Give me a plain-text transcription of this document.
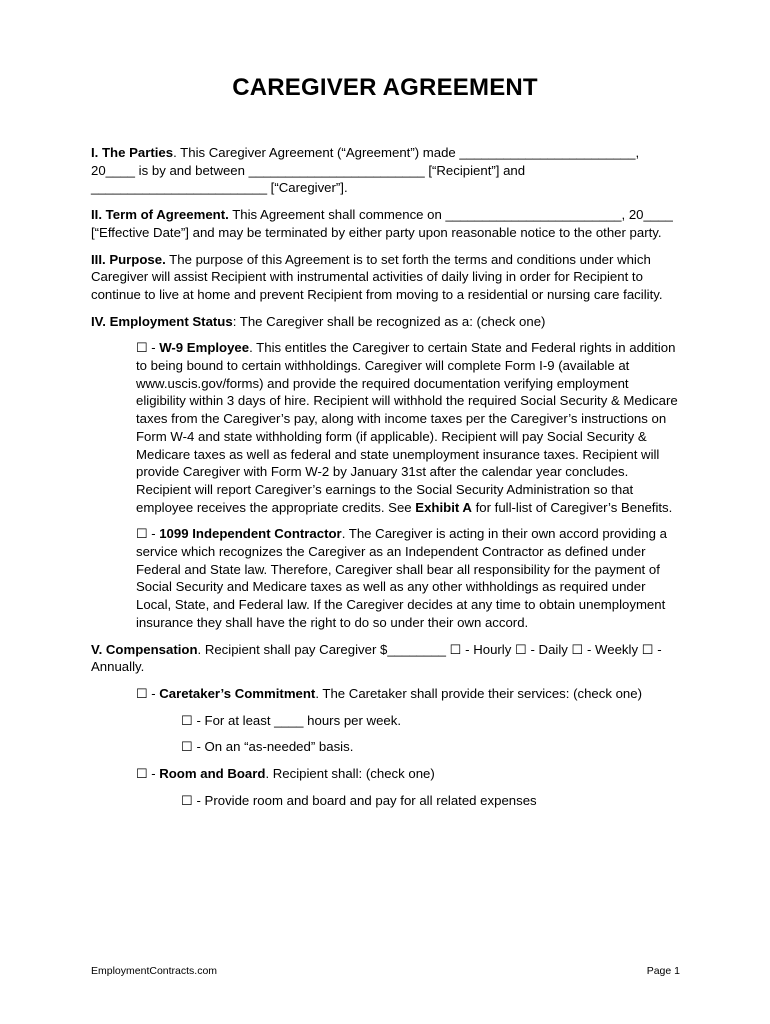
CAREGIVER AGREEMENT

I. The Parties. This Caregiver Agreement (“Agreement”) made ________________________, 20____ is by and between ________________________ [“Recipient”] and ________________________ [“Caregiver”].

II. Term of Agreement. This Agreement shall commence on ________________________, 20____ [“Effective Date”] and may be terminated by either party upon reasonable notice to the other party.

III. Purpose. The purpose of this Agreement is to set forth the terms and conditions under which Caregiver will assist Recipient with instrumental activities of daily living in order for Recipient to continue to live at home and prevent Recipient from moving to a residential or nursing care facility.

IV. Employment Status: The Caregiver shall be recognized as a: (check one)

☐ - W-9 Employee. This entitles the Caregiver to certain State and Federal rights in addition to being bound to certain withholdings. Caregiver will complete Form I-9 (available at www.uscis.gov/forms) and provide the required documentation verifying employment eligibility within 3 days of hire. Recipient will withhold the required Social Security & Medicare taxes from the Caregiver’s pay, along with income taxes per the Caregiver’s instructions on Form W-4 and state withholding form (if applicable). Recipient will pay Social Security & Medicare taxes as well as federal and state unemployment insurance taxes. Recipient will provide Caregiver with Form W-2 by January 31st after the calendar year concludes. Recipient will report Caregiver’s earnings to the Social Security Administration so that employee receives the appropriate credits. See Exhibit A for full-list of Caregiver’s Benefits.

☐ - 1099 Independent Contractor. The Caregiver is acting in their own accord providing a service which recognizes the Caregiver as an Independent Contractor as defined under Federal and State law. Therefore, Caregiver shall bear all responsibility for the payment of Social Security and Medicare taxes as well as any other withholdings as required under Local, State, and Federal law. If the Caregiver decides at any time to obtain unemployment insurance they shall have the right to do so under their own accord.

V. Compensation. Recipient shall pay Caregiver $________ ☐ - Hourly ☐ - Daily ☐ - Weekly ☐ - Annually.

☐ - Caretaker’s Commitment. The Caretaker shall provide their services: (check one)

☐ - For at least ____ hours per week.

☐ - On an “as-needed” basis.

☐ - Room and Board. Recipient shall: (check one)

☐ - Provide room and board and pay for all related expenses

EmploymentContracts.com	Page 1
